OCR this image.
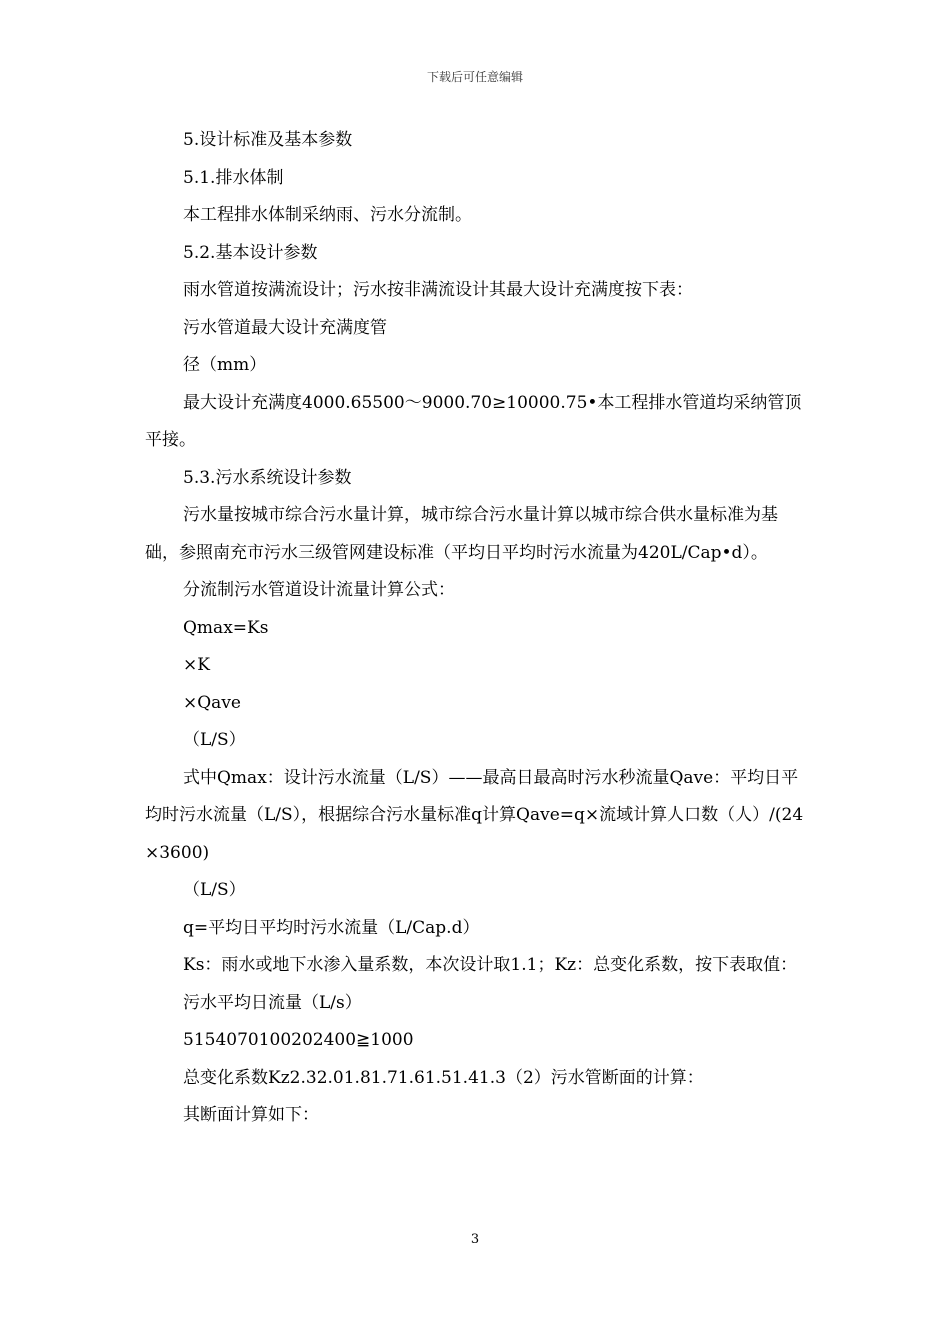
下载后可任意编辑

5.设计标准及基本参数

5.1.排水体制

本工程排水体制采纳雨、污水分流制。

5.2.基本设计参数

雨水管道按满流设计；污水按非满流设计其最大设计充满度按下表：

污水管道最大设计充满度管

径（mm）

最大设计充满度4000.65500～9000.70≥10000.75•本工程排水管道均采纳管顶平接。

5.3.污水系统设计参数

污水量按城市综合污水量计算，城市综合污水量计算以城市综合供水量标准为基础，参照南充市污水三级管网建设标准（平均日平均时污水流量为420L/Cap•d）。

分流制污水管道设计流量计算公式：

Qmax=Ks

×K

×Qave

（L/S）

式中Qmax：设计污水流量（L/S）——最高日最高时污水秒流量Qave：平均日平均时污水流量（L/S），根据综合污水量标准q计算Qave=q×流域计算人口数（人）/(24×3600)

（L/S）

q=平均日平均时污水流量（L/Cap.d）

Ks：雨水或地下水渗入量系数，本次设计取1.1；Kz：总变化系数，按下表取值：

污水平均日流量（L/s）

5154070100202400≧1000

总变化系数Kz2.32.01.81.71.61.51.41.3（2）污水管断面的计算：

其断面计算如下：

3
